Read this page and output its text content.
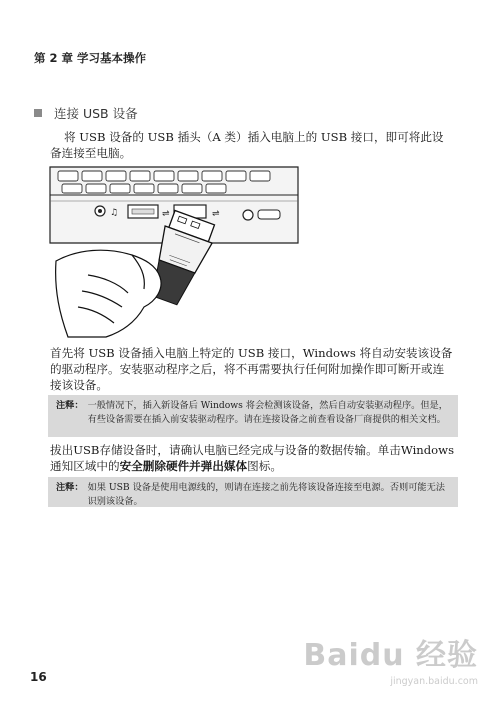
第 2 章 学习基本操作
连接 USB 设备
将 USB 设备的 USB 插头（A 类）插入电脑上的 USB 接口，即可将此设备连接至电脑。
♫	⇌	⇌
首先将 USB 设备插入电脑上特定的 USB 接口，Windows 将自动安装该设备的驱动程序。安装驱动程序之后，将不再需要执行任何附加操作即可断开或连接该设备。
注释： 一般情况下，插入新设备后 Windows 将会检测该设备，然后自动安装驱动程序。但是，有些设备需要在插入前安装驱动程序。请在连接设备之前查看设备厂商提供的相关文档。
拔出USB存储设备时，请确认电脑已经完成与设备的数据传输。单击Windows通知区域中的安全删除硬件并弹出媒体图标。
注释： 如果 USB 设备是使用电源线的，则请在连接之前先将该设备连接至电源。否则可能无法识别该设备。
16
Baidu 经验
jingyan.baidu.com
